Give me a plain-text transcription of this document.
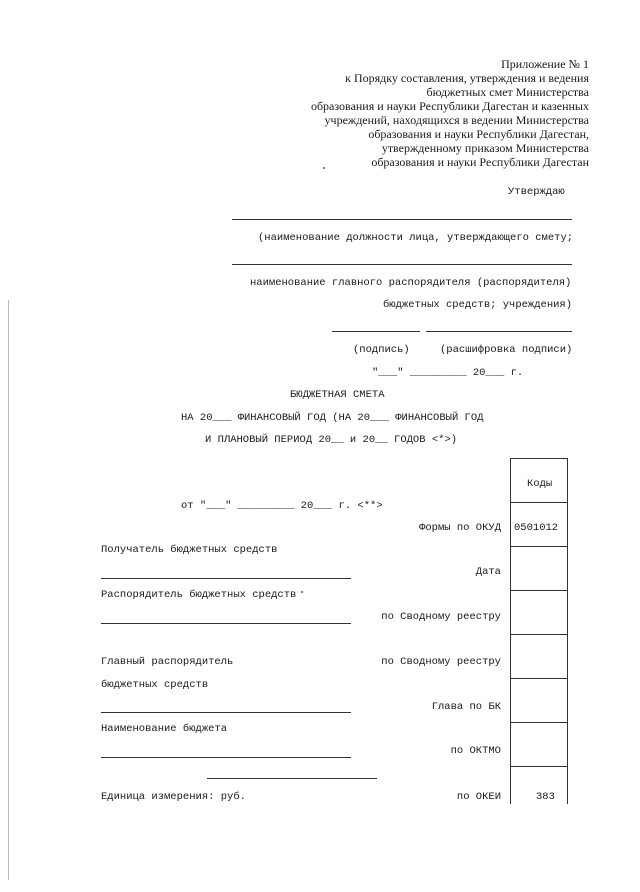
Приложение № 1
к Порядку составления, утверждения и ведения
бюджетных смет Министерства
образования и науки Республики Дагестан и казенных
учреждений, находящихся в ведении Министерства
образования и науки Республики Дагестан,
утвержденному приказом Министерства
образования и науки Республики Дагестан
Утверждаю
(наименование должности лица, утверждающего смету;
наименование главного распорядителя (распорядителя)
бюджетных средств; учреждения)
(подпись)	(расшифровка подписи)
"___" _________ 20___ г.
БЮДЖЕТНАЯ СМЕТА
НА 20___ ФИНАНСОВЫЙ ГОД (НА 20___ ФИНАНСОВЫЙ ГОД
И ПЛАНОВЫЙ ПЕРИОД 20__ и 20__ ГОДОВ <*>)
Коды
от "___" _________ 20___ г. <**>
Формы по ОКУД 0501012
Дата
по Сводному реестру
по Сводному реестру
Глава по БК
по ОКТМО
по ОКЕИ	383
Получатель бюджетных средств
Распорядитель бюджетных средств
Главный распорядитель
бюджетных средств
Наименование бюджета
Единица измерения: руб.
